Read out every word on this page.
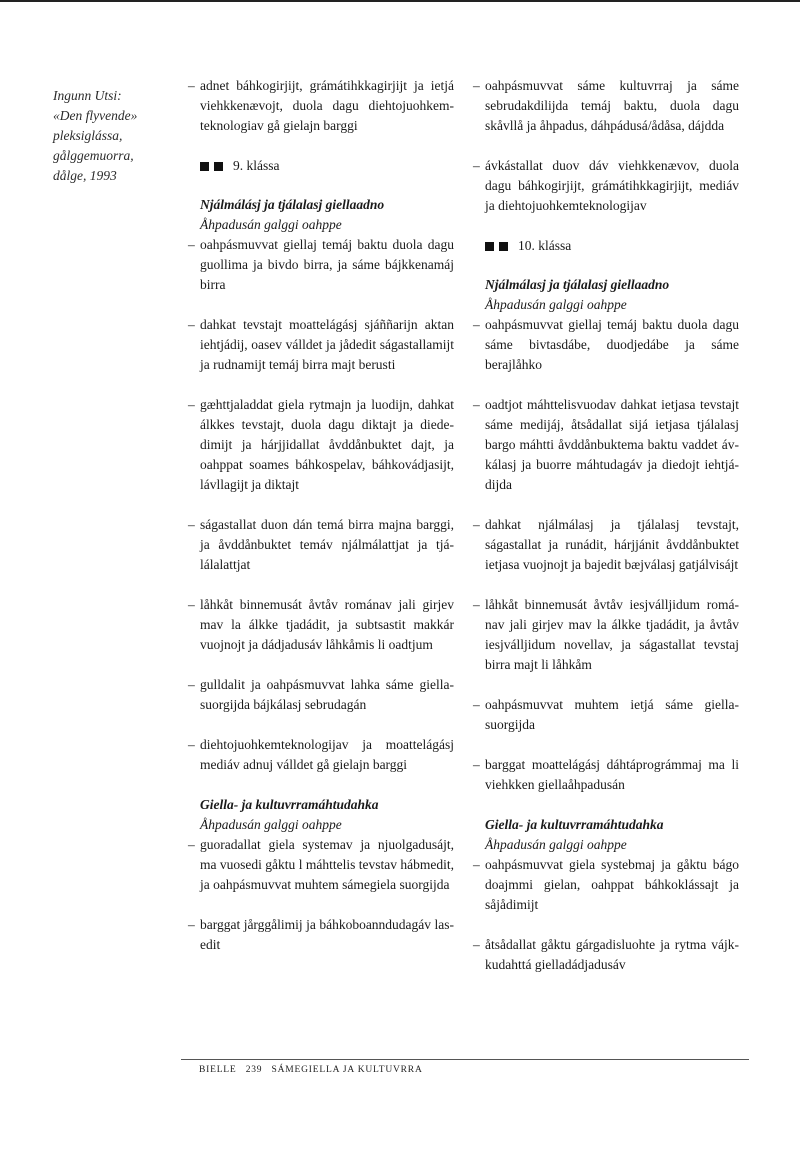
Ingunn Utsi:
«Den flyvende»
pleksiglássa,
gålggemuorra,
dålge, 1993
– adnet báhkogirjijt, grámátihkkagirjijt ja ietjá viehkkenævojt, duola dagu diehtojuohkemteknologiav gå gielajn barggi
9. klássa
Njálmálásj ja tjálalasj giellaadno
Åhpadusán galggi oahppe
– oahpásmuvvat giellaj temáj baktu duola dagu guollima ja bivdo birra, ja sáme bájkkenamáj birra
– dahkat tevstajt moattelágásj sjáññarijn aktan iehtjádij, oasev válldet ja jådedit ságastallamijt ja rudnamijt temáj birra majt berusti
– gæhttjaladdat giela rytmajn ja luodijn, dahkat álkkes tevstajt, duola dagu diktajt ja diededimijt ja hárjjidallat åvddånbuktet dajt, ja oahppat soames báhkospelav, báhkovádjasijt, lávllagijt ja diktajt
– ságastallat duon dán temá birra majna barggi, ja åvddånbuktet temáv njálmálattjat ja tjálálalattjat
– låhkåt binnemusát åvtåv románav jali girjev mav la álkke tjadádit, ja subtsastit makkár vuojnojt ja dádjadusáv låhkåmis li oadtjum
– gulldalit ja oahpásmuvvat lahka sáme giellasuorgijda bájkálasj sebrudagán
– diehtojuohkemteknologijav ja moattelágásj mediáv adnuj válldet gå gielajn barggi
Giella- ja kultuvrramáhtudahka
Åhpadusán galggi oahppe
– guoradallat giela systemav ja njuolgadusájt, ma vuosedi gåktu l máhttelis tevstav hábmedit, ja oahpásmuvvat muhtem sámegiela suorgijda
– barggat jårggålimij ja báhkoboanndudagáv lasedit
– oahpásmuvvat sáme kultuvrraj ja sáme sebrudakdilijda temáj baktu, duola dagu skåvllå ja åhpadus, dáhpádusá/ådåsa, dájdda
– ávkástallat duov dáv viehkkenævov, duola dagu báhkogirjijt, grámátihkkagirjijt, mediáv ja diehtojuohkemteknologijav
10. klássa
Njálmálasj ja tjálalasj giellaadno
Åhpadusán galggi oahppe
– oahpásmuvvat giellaj temáj baktu duola dagu sáme bivtasdábe, duodjedábe ja sáme berajlåhko
– oadtjot máhttelisvuodav dahkat ietjasa tevstajt sáme medijáj, åtsådallat sijá ietjasa tjálalasj bargo máhtti åvddånbuktema baktu vaddet ávkálasj ja buorre máhtudagáv ja diedojt iehtjádijda
– dahkat njálmálasj ja tjálalasj tevstajt, ságastallat ja runádit, hárjjánit åvddånbuktet ietjasa vuojnojt ja bajedit bæjválasj gatjálvisájt
– låhkåt binnemusát åvtåv iesjvállјidum románav jali girjev mav la álkke tjadádit, ja åvtåv iesjvállјidum novellav, ja ságastallat tevstaj birra majt li låhkåm
– oahpásmuvvat muhtem ietjá sáme giellasuorgijda
– barggat moattelágásj dáhtáprográmmaj ma li viehkken giellaåhpadusán
Giella- ja kultuvrramáhtudahka
Åhpadusán galggi oahppe
– oahpásmuvvat giela systebmaj ja gåktu bágo doajmmi gielan, oahppat báhkoklássajt ja såjådimijt
– åtsådallat gåktu gárgadisluohte ja rytma vájkkudahttá gielladádjadusáv
BIELLE 239 SÁMEGIELLA JA KULTUVRRA
